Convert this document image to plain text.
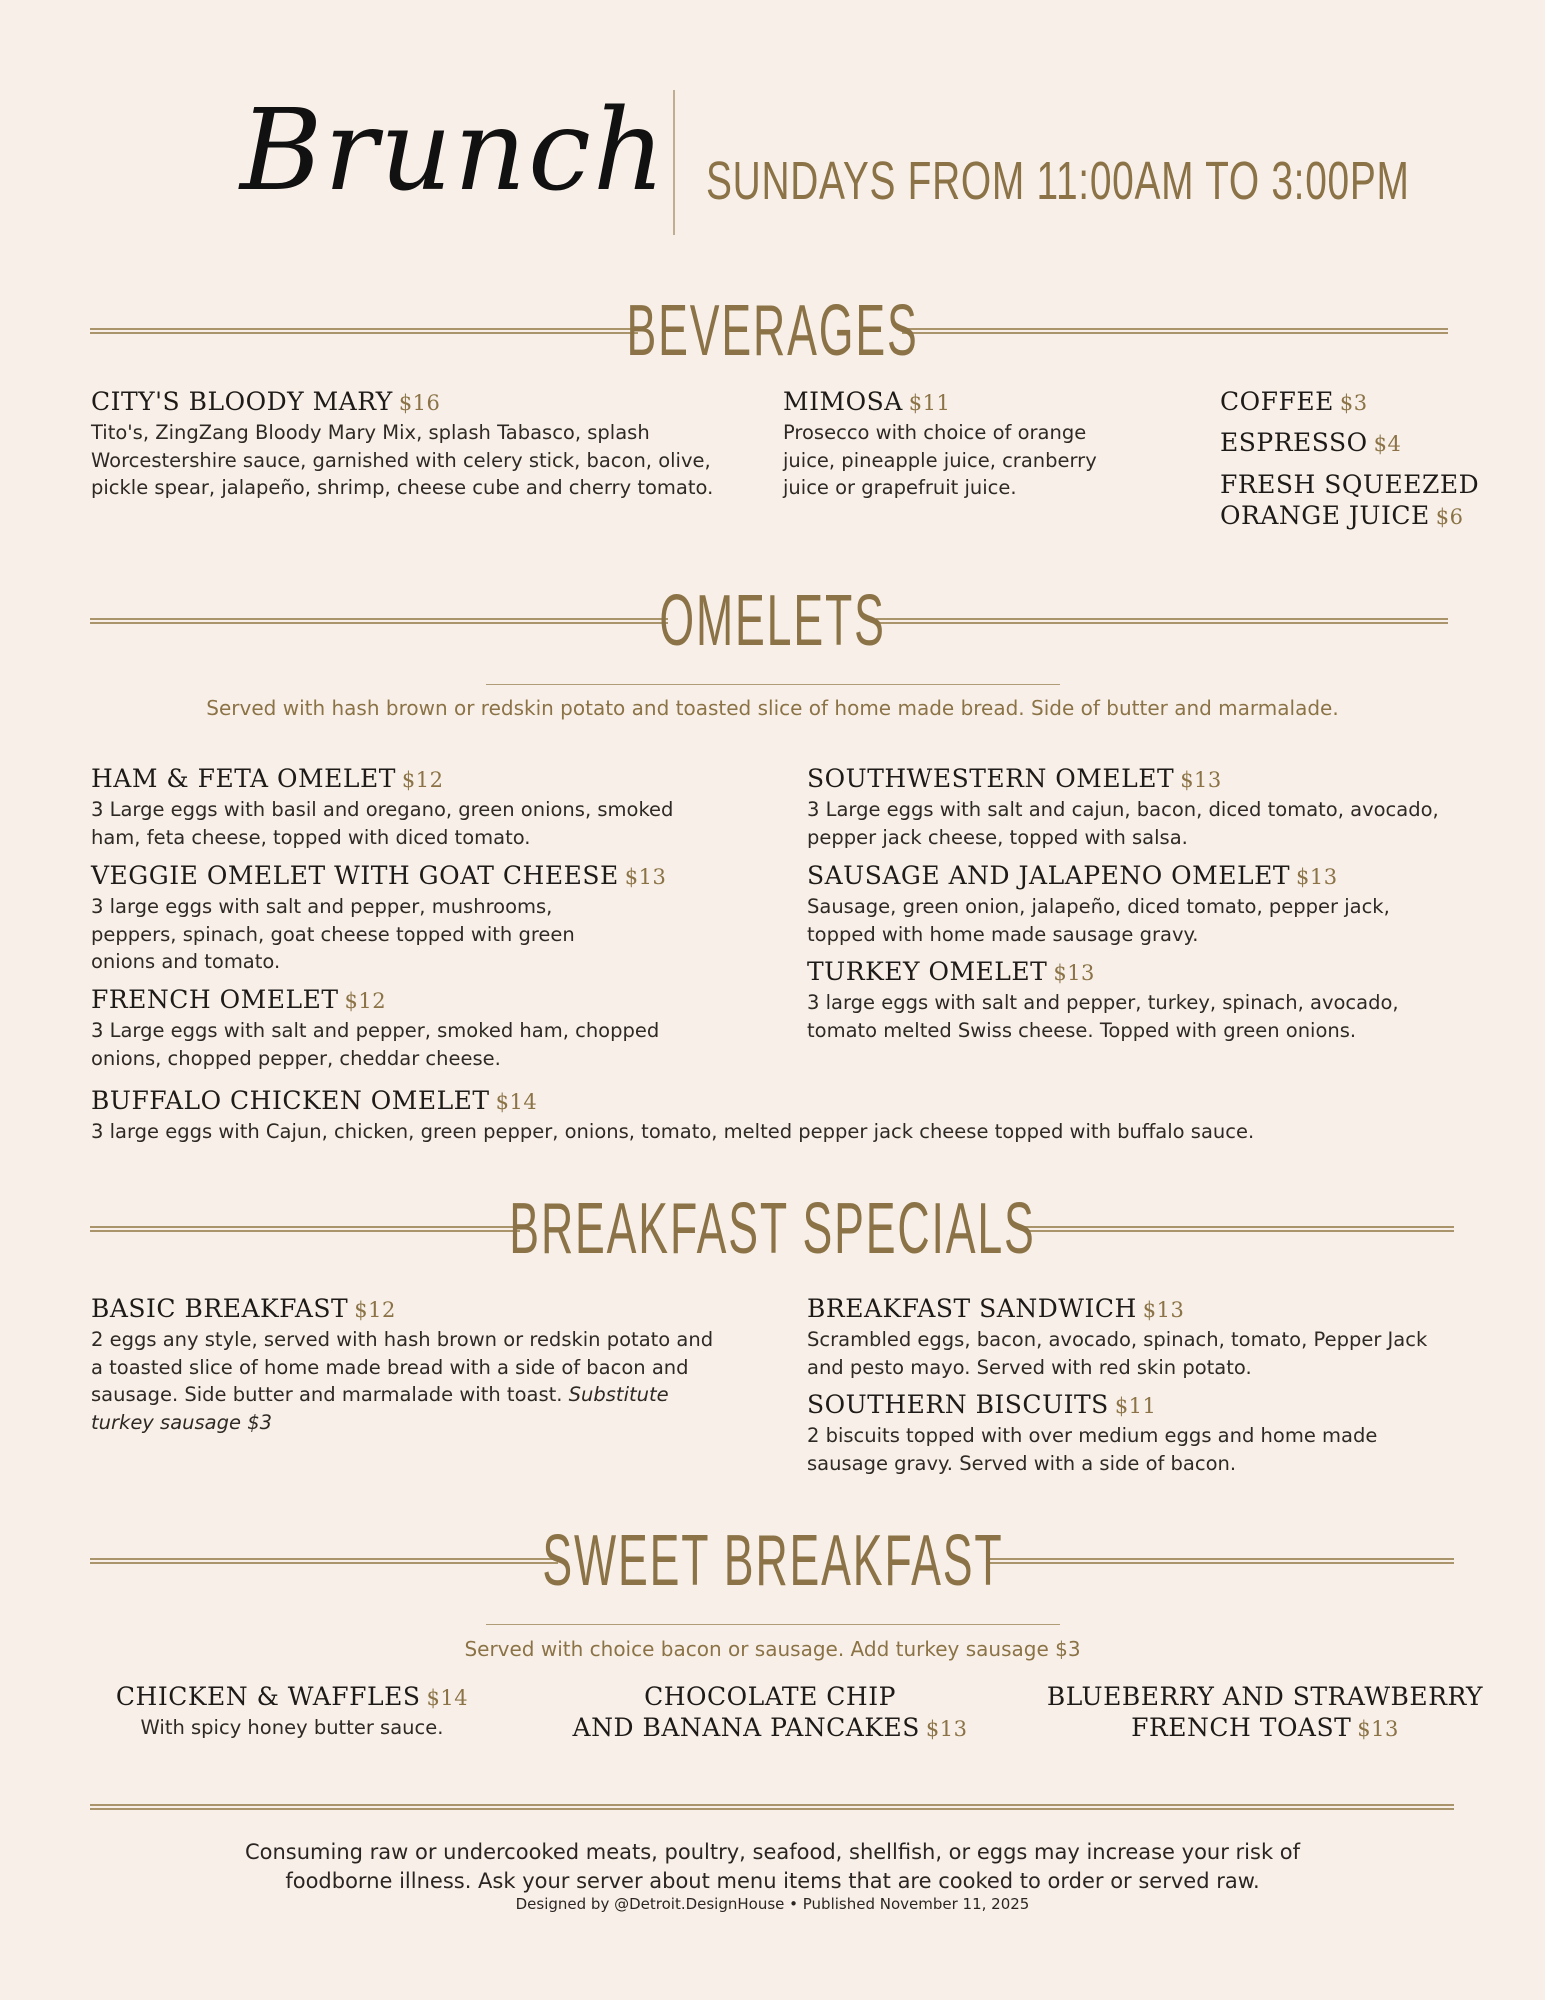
Brunch SUNDAYS FROM 11:00AM TO 3:00PM
BEVERAGES
CITY'S BLOODY MARY $16
Tito's, ZingZang Bloody Mary Mix, splash Tabasco, splash Worcestershire sauce, garnished with celery stick, bacon, olive, pickle spear, jalapeño, shrimp, cheese cube and cherry tomato.
MIMOSA $11
Prosecco with choice of orange juice, pineapple juice, cranberry juice or grapefruit juice.
COFFEE $3
ESPRESSO $4
FRESH SQUEEZED
ORANGE JUICE $6
OMELETS
Served with hash brown or redskin potato and toasted slice of home made bread. Side of butter and marmalade.
HAM & FETA OMELET $12
3 Large eggs with basil and oregano, green onions, smoked ham, feta cheese, topped with diced tomato.
VEGGIE OMELET WITH GOAT CHEESE $13
3 large eggs with salt and pepper, mushrooms, peppers, spinach, goat cheese topped with green onions and tomato.
FRENCH OMELET $12
3 Large eggs with salt and pepper, smoked ham, chopped onions, chopped pepper, cheddar cheese.
SOUTHWESTERN OMELET $13
3 Large eggs with salt and cajun, bacon, diced tomato, avocado, pepper jack cheese, topped with salsa.
SAUSAGE AND JALAPENO OMELET $13
Sausage, green onion, jalapeño, diced tomato, pepper jack, topped with home made sausage gravy.
TURKEY OMELET $13
3 large eggs with salt and pepper, turkey, spinach, avocado, tomato melted Swiss cheese. Topped with green onions.
BUFFALO CHICKEN OMELET $14
3 large eggs with Cajun, chicken, green pepper, onions, tomato, melted pepper jack cheese topped with buffalo sauce.
BREAKFAST SPECIALS
BASIC BREAKFAST $12
2 eggs any style, served with hash brown or redskin potato and a toasted slice of home made bread with a side of bacon and sausage. Side butter and marmalade with toast. Substitute turkey sausage $3
BREAKFAST SANDWICH $13
Scrambled eggs, bacon, avocado, spinach, tomato, Pepper Jack and pesto mayo. Served with red skin potato.
SOUTHERN BISCUITS $11
2 biscuits topped with over medium eggs and home made sausage gravy. Served with a side of bacon.
SWEET BREAKFAST
Served with choice bacon or sausage. Add turkey sausage $3
CHICKEN & WAFFLES $14
With spicy honey butter sauce.
CHOCOLATE CHIP
AND BANANA PANCAKES $13
BLUEBERRY AND STRAWBERRY
FRENCH TOAST $13
Consuming raw or undercooked meats, poultry, seafood, shellfish, or eggs may increase your risk of
foodborne illness. Ask your server about menu items that are cooked to order or served raw.
Designed by @Detroit.DesignHouse • Published November 11, 2025
